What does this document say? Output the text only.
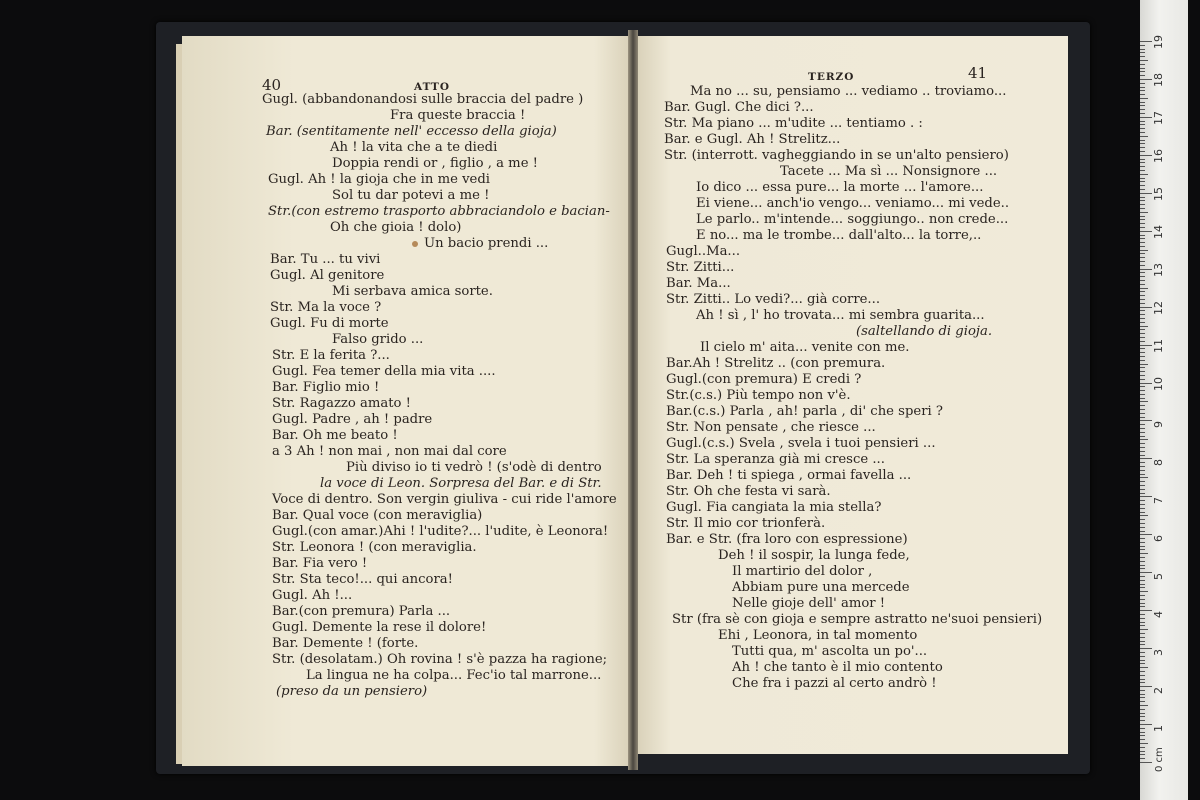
40	ATTO
TERZO	41
Gugl. (abbandonandosi sulle braccia del padre )
Fra queste braccia !
Bar. (sentitamente nell' eccesso della gioja)
Ah ! la vita che a te diedi
Doppia rendi or , figlio , a me !
Gugl. Ah ! la gioja che in me vedi
Sol tu dar potevi a me !
Str.(con estremo trasporto abbraciandolo e bacian-
Oh che gioia ! dolo)
Un bacio prendi ...
Bar. Tu ... tu vivi
Gugl. Al genitore
Mi serbava amica sorte.
Str. Ma la voce ?
Gugl. Fu di morte
Falso grido ...
Str. E la ferita ?...
Gugl. Fea temer della mia vita ....
Bar. Figlio mio !
Str. Ragazzo amato !
Gugl. Padre , ah ! padre
Bar. Oh me beato !
a 3 Ah ! non mai , non mai dal core
Più diviso io ti vedrò ! (s'odè di dentro
la voce di Leon. Sorpresa del Bar. e di Str.
Voce di dentro. Son vergin giuliva - cui ride l'amore
Bar. Qual voce (con meraviglia)
Gugl.(con amar.)Ahi ! l'udite?... l'udite, è Leonora!
Str. Leonora ! (con meraviglia.
Bar. Fia vero !
Str. Sta teco!... qui ancora!
Gugl. Ah !...
Bar.(con premura) Parla ...
Gugl. Demente la rese il dolore!
Bar. Demente ! (forte.
Str. (desolatam.) Oh rovina ! s'è pazza ha ragione;
La lingua ne ha colpa... Fec'io tal marrone...
(preso da un pensiero)
Ma no ... su, pensiamo ... vediamo .. troviamo...
Bar. Gugl. Che dici ?...
Str. Ma piano ... m'udite ... tentiamo . :
Bar. e Gugl. Ah ! Strelitz...
Str. (interrott. vagheggiando in se un'alto pensiero)
Tacete ... Ma sì ... Nonsignore ...
Io dico ... essa pure... la morte ... l'amore...
Ei viene... anch'io vengo... veniamo... mi vede..
Le parlo.. m'intende... soggiungo.. non crede...
E no... ma le trombe... dall'alto... la torre,..
Gugl..Ma...
Str. Zitti...
Bar. Ma...
Str. Zitti.. Lo vedi?... già corre...
Ah ! sì , l' ho trovata... mi sembra guarita...
(saltellando di gioja.
Il cielo m' aita... venite con me.
Bar.Ah ! Strelitz .. (con premura.
Gugl.(con premura) E credi ?
Str.(c.s.) Più tempo non v'è.
Bar.(c.s.) Parla , ah! parla , di' che speri ?
Str. Non pensate , che riesce ...
Gugl.(c.s.) Svela , svela i tuoi pensieri ...
Str. La speranza già mi cresce ...
Bar. Deh ! ti spiega , ormai favella ...
Str. Oh che festa vi sarà.
Gugl. Fia cangiata la mia stella?
Str. Il mio cor trionferà.
Bar. e Str. (fra loro con espressione)
Deh ! il sospir, la lunga fede,
Il martirio del dolor ,
Abbiam pure una mercede
Nelle gioje dell' amor !
Str (fra sè con gioja e sempre astratto ne'suoi pensieri)
Ehi , Leonora, in tal momento
Tutti qua, m' ascolta un po'...
Ah ! che tanto è il mio contento
Che fra i pazzi al certo andrò !
1
2
3
4
5
6
7
8
9
10
11
12
13
14
15
16
17
18
19
0 cm
